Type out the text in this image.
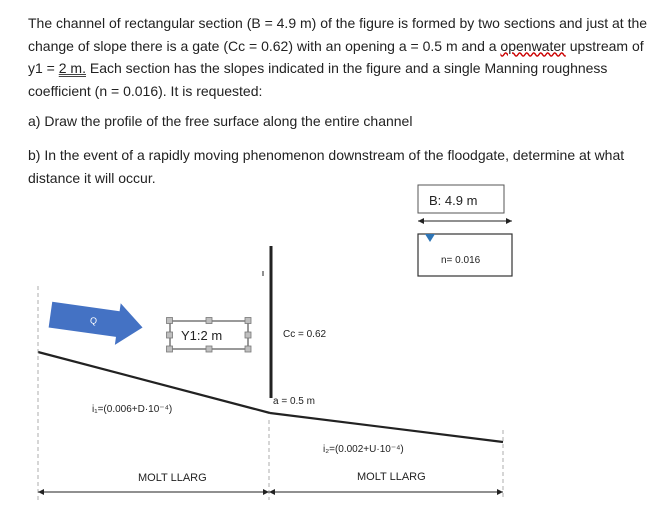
The channel of rectangular section (B = 4.9 m) of the figure is formed by two sections and just at the change of slope there is a gate (Cc = 0.62) with an opening a = 0.5 m and a openwater upstream of y1 = 2 m. Each section has the slopes indicated in the figure and a single Manning roughness coefficient (n = 0.016). It is requested:
a) Draw the profile of the free surface along the entire channel
b) In the event of a rapidly moving phenomenon downstream of the floodgate, determine at what distance it will occur.
B: 4.9 m
n= 0.016
Q
Y1:2 m	Cc = 0.62
a = 0.5 m
i₁=(0.006+D·10⁻⁴)
i₂=(0.002+U·10⁻⁴)
MOLT LLARG	MOLT LLARG
